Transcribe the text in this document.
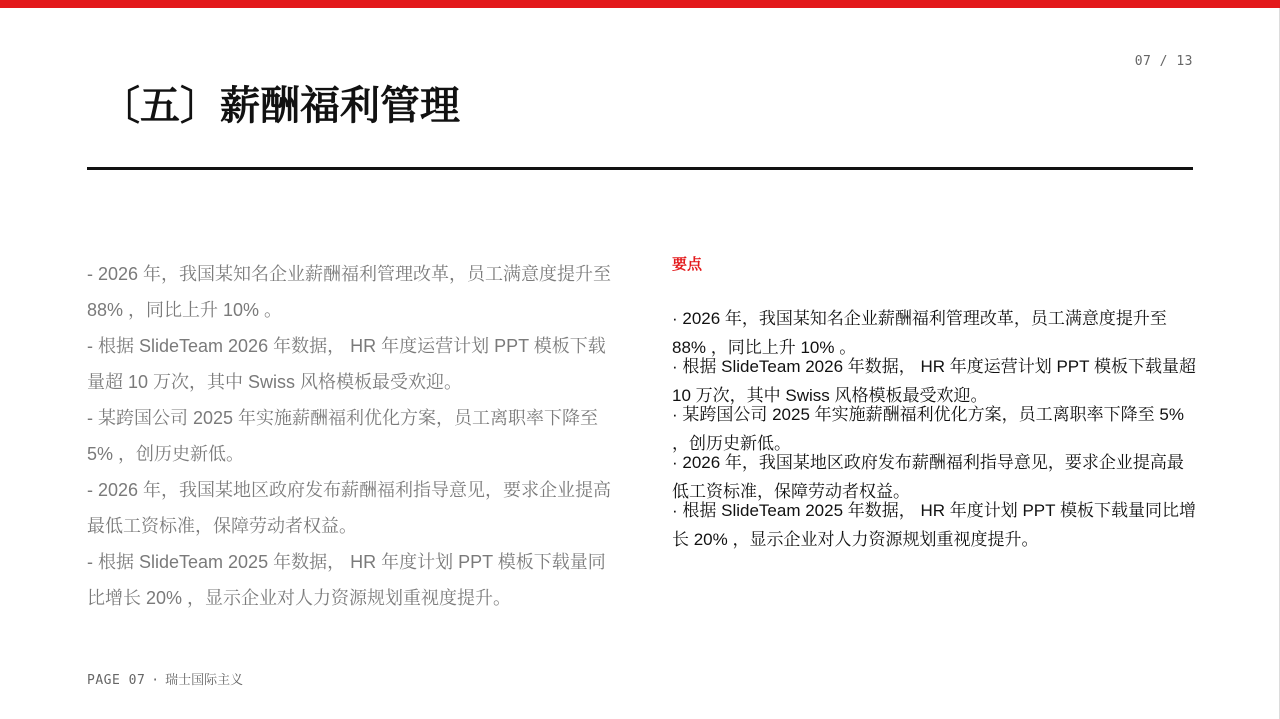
07 / 13
〔五〕薪酬福利管理

- 2026 年，我国某知名企业薪酬福利管理改革，员工满意度提升至 88% ，同比上升 10% 。

- 根据 SlideTeam 2026 年数据， HR 年度运营计划 PPT 模板下载量超 10 万次，其中 Swiss 风格模板最受欢迎。

- 某跨国公司 2025 年实施薪酬福利优化方案，员工离职率下降至 5% ，创历史新低。

- 2026 年，我国某地区政府发布薪酬福利指导意见，要求企业提高最低工资标准，保障劳动者权益。

- 根据 SlideTeam 2025 年数据， HR 年度计划 PPT 模板下载量同比增长 20% ，显示企业对人力资源规划重视度提升。

要点

· 2026 年，我国某知名企业薪酬福利管理改革，员工满意度提升至 88% ，同比上升 10% 。

· 根据 SlideTeam 2026 年数据， HR 年度运营计划 PPT 模板下载量超 10 万次，其中 Swiss 风格模板最受欢迎。

· 某跨国公司 2025 年实施薪酬福利优化方案，员工离职率下降至 5% ，创历史新低。

· 2026 年，我国某地区政府发布薪酬福利指导意见，要求企业提高最低工资标准，保障劳动者权益。

· 根据 SlideTeam 2025 年数据， HR 年度计划 PPT 模板下载量同比增长 20% ，显示企业对人力资源规划重视度提升。

PAGE 07 · 瑞士国际主义
